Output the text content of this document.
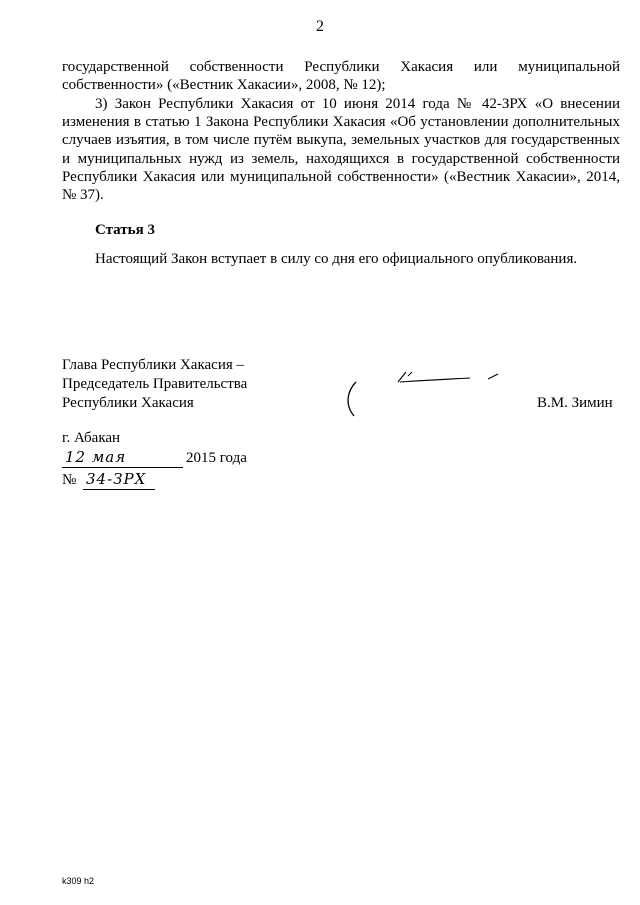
2
государственной собственности Республики Хакасия или муниципальной собственности» («Вестник Хакасии», 2008, № 12);
3) Закон Республики Хакасия от 10 июня 2014 года № 42-ЗРХ «О внесении изменения в статью 1 Закона Республики Хакасия «Об установлении дополнительных случаев изъятия, в том числе путём выкупа, земельных участков для государственных и муниципальных нужд из земель, находящихся в государственной собственности Республики Хакасия или муниципальной собственности» («Вестник Хакасии», 2014, № 37).
Статья 3
Настоящий Закон вступает в силу со дня его официального опубликования.
Глава Республики Хакасия –
Председатель Правительства
Республики Хакасия	В.М. Зимин
г. Абакан
12 мая	2015 года
№ 34-ЗРХ
k309 h2
